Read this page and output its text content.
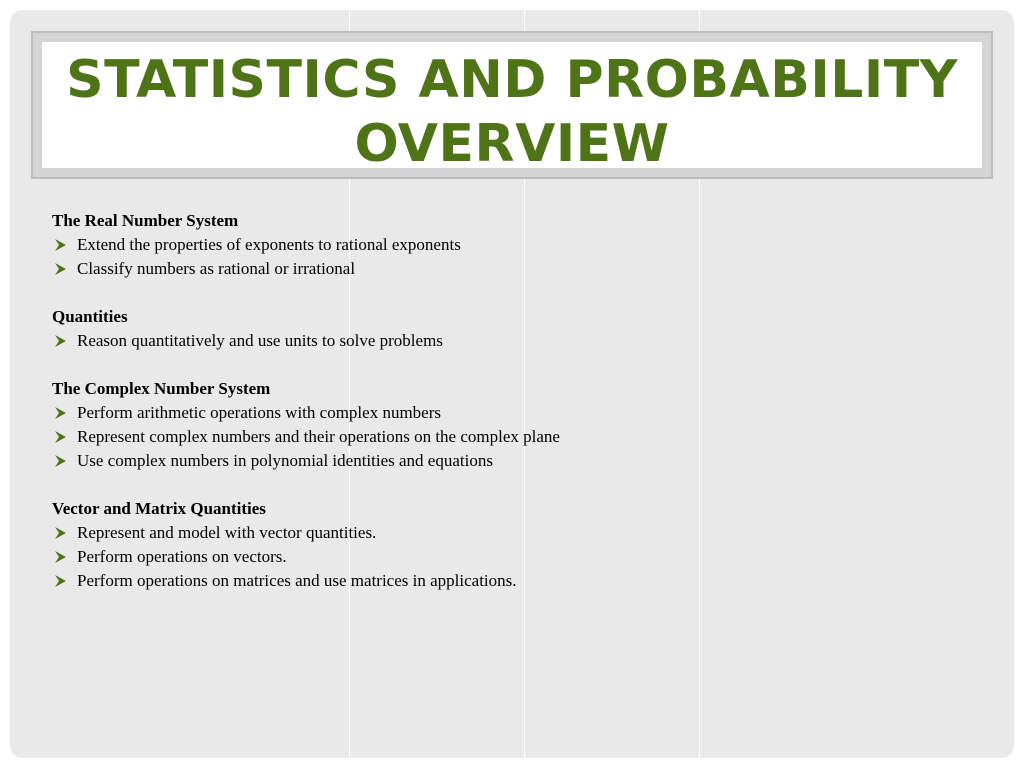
STATISTICS AND PROBABILITY
OVERVIEW
The Real Number System
Extend the properties of exponents to rational exponents
Classify numbers as rational or irrational
Quantities
Reason quantitatively and use units to solve problems
The Complex Number System
Perform arithmetic operations with complex numbers
Represent complex numbers and their operations on the complex plane
Use complex numbers in polynomial identities and equations
Vector and Matrix Quantities
Represent and model with vector quantities.
Perform operations on vectors.
Perform operations on matrices and use matrices in applications.
